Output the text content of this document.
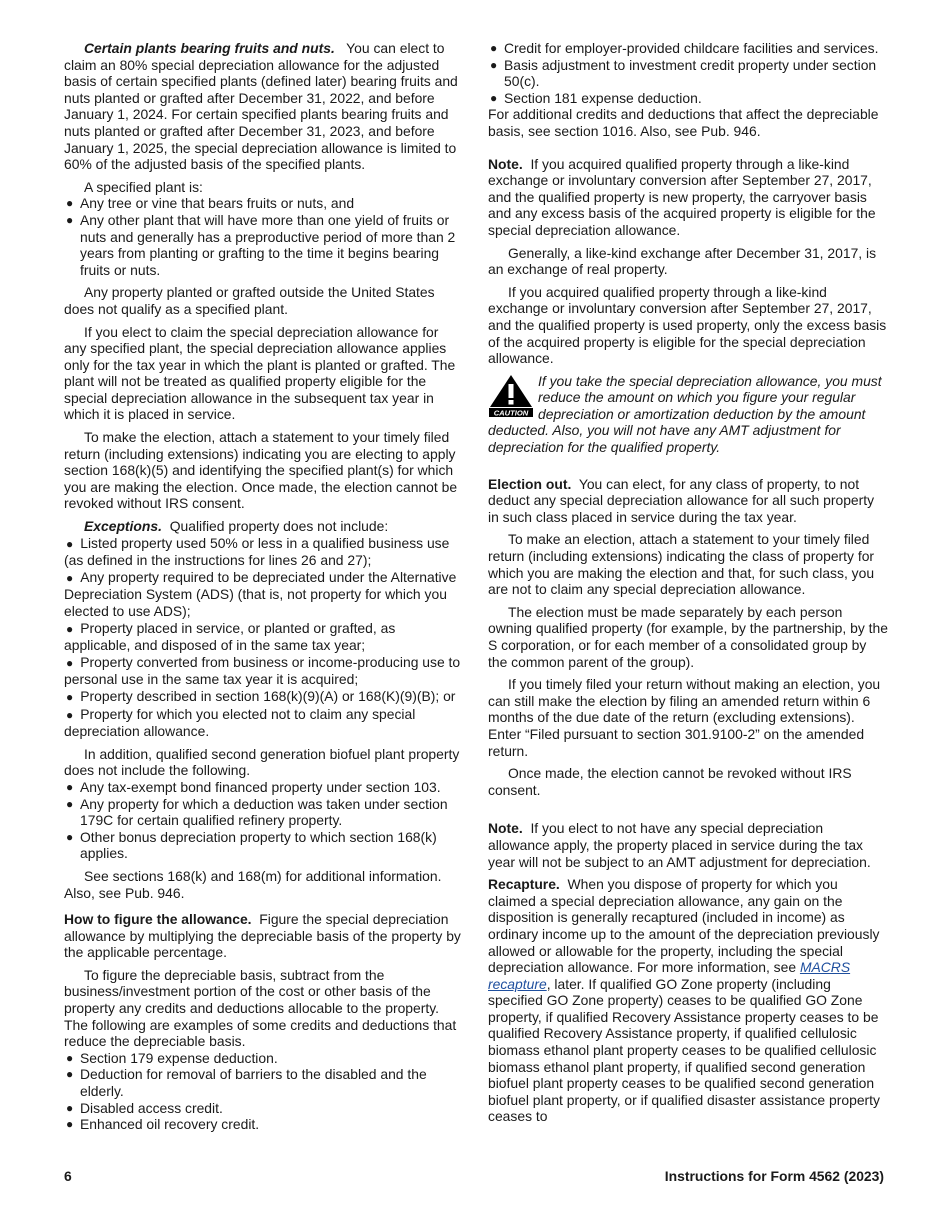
Certain plants bearing fruits and nuts. You can elect to claim an 80% special depreciation allowance for the adjusted basis of certain specified plants (defined later) bearing fruits and nuts planted or grafted after December 31, 2022, and before January 1, 2024. For certain specified plants bearing fruits and nuts planted or grafted after December 31, 2023, and before January 1, 2025, the special depreciation allowance is limited to 60% of the adjusted basis of the specified plants.

A specified plant is:

● Any tree or vine that bears fruits or nuts, and
● Any other plant that will have more than one yield of fruits or nuts and generally has a preproductive period of more than 2 years from planting or grafting to the time it begins bearing fruits or nuts.

Any property planted or grafted outside the United States does not qualify as a specified plant.

If you elect to claim the special depreciation allowance for any specified plant, the special depreciation allowance applies only for the tax year in which the plant is planted or grafted. The plant will not be treated as qualified property eligible for the special depreciation allowance in the subsequent tax year in which it is placed in service.

To make the election, attach a statement to your timely filed return (including extensions) indicating you are electing to apply section 168(k)(5) and identifying the specified plant(s) for which you are making the election. Once made, the election cannot be revoked without IRS consent.

Exceptions. Qualified property does not include:

● Listed property used 50% or less in a qualified business use (as defined in the instructions for lines 26 and 27);
● Any property required to be depreciated under the Alternative Depreciation System (ADS) (that is, not property for which you elected to use ADS);
● Property placed in service, or planted or grafted, as applicable, and disposed of in the same tax year;
● Property converted from business or income-producing use to personal use in the same tax year it is acquired;
● Property described in section 168(k)(9)(A) or 168(K)(9)(B); or
● Property for which you elected not to claim any special depreciation allowance.

In addition, qualified second generation biofuel plant property does not include the following.

● Any tax-exempt bond financed property under section 103.
● Any property for which a deduction was taken under section 179C for certain qualified refinery property.
● Other bonus depreciation property to which section 168(k) applies.

See sections 168(k) and 168(m) for additional information. Also, see Pub. 946.

How to figure the allowance. Figure the special depreciation allowance by multiplying the depreciable basis of the property by the applicable percentage.

To figure the depreciable basis, subtract from the business/investment portion of the cost or other basis of the property any credits and deductions allocable to the property. The following are examples of some credits and deductions that reduce the depreciable basis.

● Section 179 expense deduction.
● Deduction for removal of barriers to the disabled and the elderly.
● Disabled access credit.
● Enhanced oil recovery credit.
● Credit for employer-provided childcare facilities and services.
● Basis adjustment to investment credit property under section 50(c).
● Section 181 expense deduction.

For additional credits and deductions that affect the depreciable basis, see section 1016. Also, see Pub. 946.

Note. If you acquired qualified property through a like-kind exchange or involuntary conversion after September 27, 2017, and the qualified property is new property, the carryover basis and any excess basis of the acquired property is eligible for the special depreciation allowance.

Generally, a like-kind exchange after December 31, 2017, is an exchange of real property.

If you acquired qualified property through a like-kind exchange or involuntary conversion after September 27, 2017, and the qualified property is used property, only the excess basis of the acquired property is eligible for the special depreciation allowance.

CAUTION
If you take the special depreciation allowance, you must reduce the amount on which you figure your regular depreciation or amortization deduction by the amount deducted. Also, you will not have any AMT adjustment for depreciation for the qualified property.

Election out. You can elect, for any class of property, to not deduct any special depreciation allowance for all such property in such class placed in service during the tax year.

To make an election, attach a statement to your timely filed return (including extensions) indicating the class of property for which you are making the election and that, for such class, you are not to claim any special depreciation allowance.

The election must be made separately by each person owning qualified property (for example, by the partnership, by the S corporation, or for each member of a consolidated group by the common parent of the group).

If you timely filed your return without making an election, you can still make the election by filing an amended return within 6 months of the due date of the return (excluding extensions). Enter “Filed pursuant to section 301.9100-2” on the amended return.

Once made, the election cannot be revoked without IRS consent.

Note. If you elect to not have any special depreciation allowance apply, the property placed in service during the tax year will not be subject to an AMT adjustment for depreciation.

Recapture. When you dispose of property for which you claimed a special depreciation allowance, any gain on the disposition is generally recaptured (included in income) as ordinary income up to the amount of the depreciation previously allowed or allowable for the property, including the special depreciation allowance. For more information, see MACRS recapture, later. If qualified GO Zone property (including specified GO Zone property) ceases to be qualified GO Zone property, if qualified Recovery Assistance property ceases to be qualified Recovery Assistance property, if qualified cellulosic biomass ethanol plant property ceases to be qualified cellulosic biomass ethanol plant property, if qualified second generation biofuel plant property ceases to be qualified second generation biofuel plant property, or if qualified disaster assistance property ceases to

6	Instructions for Form 4562 (2023)
